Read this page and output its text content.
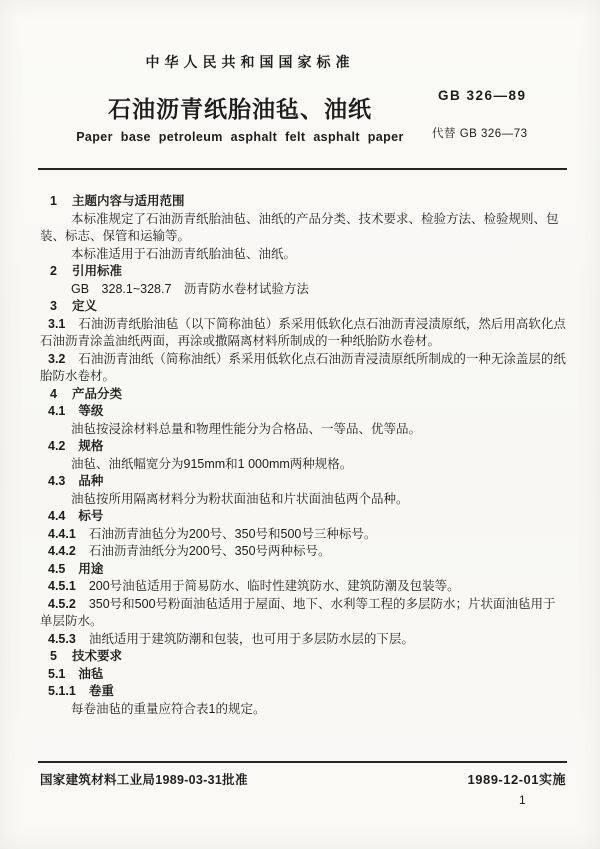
中华人民共和国国家标准
石油沥青纸胎油毡、油纸
Paper base petroleum asphalt felt asphalt paper
GB 326—89
代替 GB 326—73
1 主题内容与适用范围

本标准规定了石油沥青纸胎油毡、油纸的产品分类、技术要求、检验方法、检验规则、包装、标志、保管和运输等。

本标准适用于石油沥青纸胎油毡、油纸。

2 引用标准

GB　328.1~328.7　沥青防水卷材试验方法

3 定义

3.1 石油沥青纸胎油毡（以下简称油毡）系采用低软化点石油沥青浸渍原纸，然后用高软化点石油沥青涂盖油纸两面，再涂或撒隔离材料所制成的一种纸胎防水卷材。

3.2 石油沥青油纸（简称油纸）系采用低软化点石油沥青浸渍原纸所制成的一种无涂盖层的纸胎防水卷材。

4 产品分类

4.1 等级

油毡按浸涂材料总量和物理性能分为合格品、一等品、优等品。

4.2 规格

油毡、油纸幅宽分为915mm和1 000mm两种规格。

4.3 品种

油毡按所用隔离材料分为粉状面油毡和片状面油毡两个品种。

4.4 标号

4.4.1 石油沥青油毡分为200号、350号和500号三种标号。

4.4.2 石油沥青油纸分为200号、350号两种标号。

4.5 用途

4.5.1 200号油毡适用于简易防水、临时性建筑防水、建筑防潮及包装等。

4.5.2 350号和500号粉面油毡适用于屋面、地下、水利等工程的多层防水；片状面油毡用于单层防水。

4.5.3 油纸适用于建筑防潮和包装，也可用于多层防水层的下层。

5 技术要求

5.1 油毡

5.1.1 卷重

每卷油毡的重量应符合表1的规定。

国家建筑材料工业局1989-03-31批准	1989-12-01实施
1
